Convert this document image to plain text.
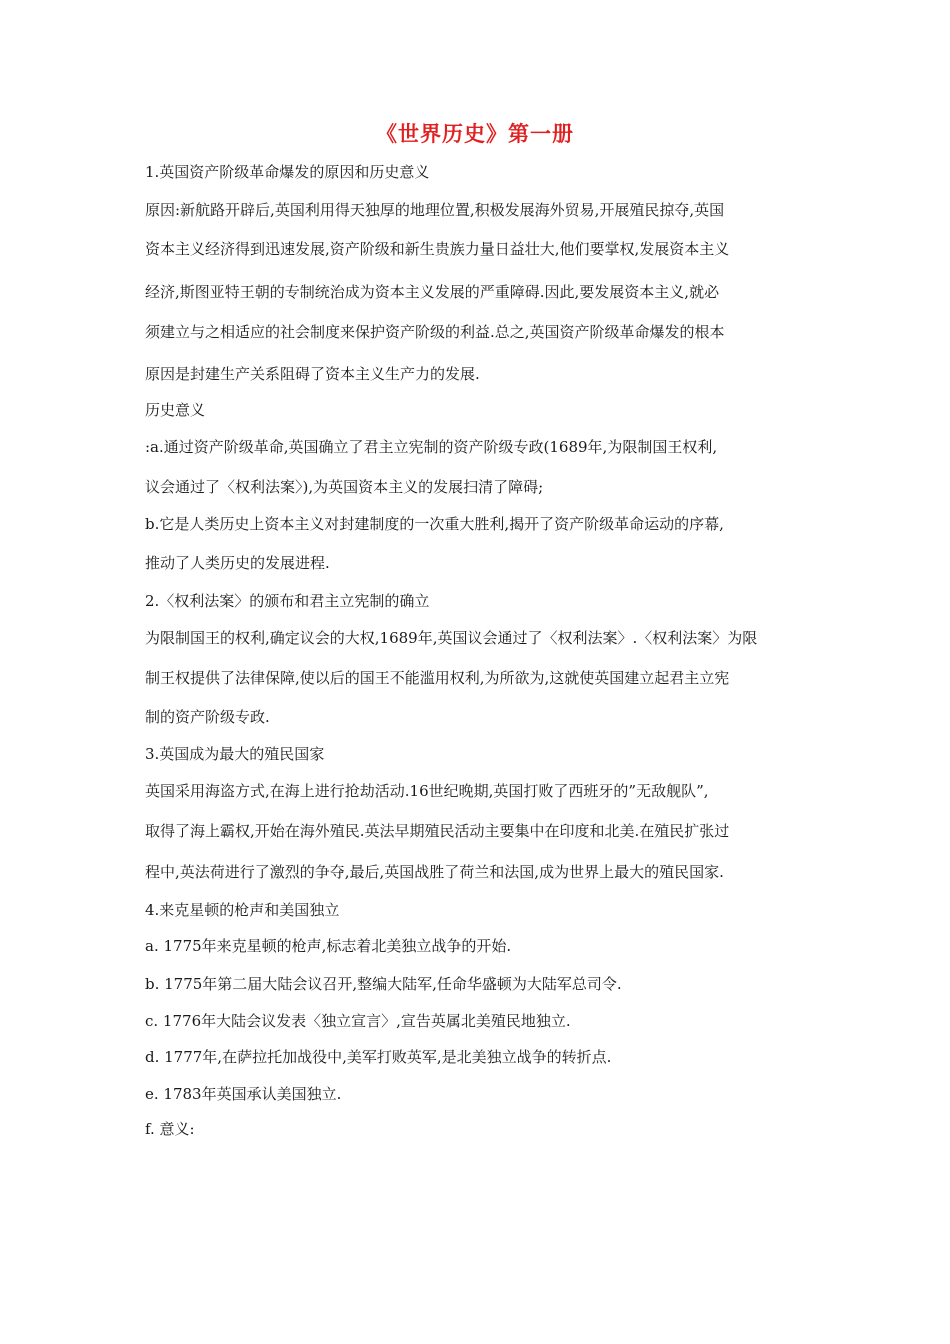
《世界历史》第一册
1.英国资产阶级革命爆发的原因和历史意义
原因:新航路开辟后,英国利用得天独厚的地理位置,积极发展海外贸易,开展殖民掠夺,英国
资本主义经济得到迅速发展,资产阶级和新生贵族力量日益壮大,他们要掌权,发展资本主义
经济,斯图亚特王朝的专制统治成为资本主义发展的严重障碍.因此,要发展资本主义,就必
须建立与之相适应的社会制度来保护资产阶级的利益.总之,英国资产阶级革命爆发的根本
原因是封建生产关系阻碍了资本主义生产力的发展.
历史意义
:a.通过资产阶级革命,英国确立了君主立宪制的资产阶级专政(1689年,为限制国王权利,
议会通过了〈权利法案〉),为英国资本主义的发展扫清了障碍;
b.它是人类历史上资本主义对封建制度的一次重大胜利,揭开了资产阶级革命运动的序幕,
推动了人类历史的发展进程.
2.〈权利法案〉的颁布和君主立宪制的确立
为限制国王的权利,确定议会的大权,1689年,英国议会通过了〈权利法案〉.〈权利法案〉为限
制王权提供了法律保障,使以后的国王不能滥用权利,为所欲为,这就使英国建立起君主立宪
制的资产阶级专政.
3.英国成为最大的殖民国家
英国采用海盗方式,在海上进行抢劫活动.16世纪晚期,英国打败了西班牙的”无敌舰队”,
取得了海上霸权,开始在海外殖民.英法早期殖民活动主要集中在印度和北美.在殖民扩张过
程中,英法荷进行了激烈的争夺,最后,英国战胜了荷兰和法国,成为世界上最大的殖民国家.
4.来克星顿的枪声和美国独立
a. 1775年来克星顿的枪声,标志着北美独立战争的开始.
b. 1775年第二届大陆会议召开,整编大陆军,任命华盛顿为大陆军总司令.
c. 1776年大陆会议发表〈独立宣言〉,宣告英属北美殖民地独立.
d. 1777年,在萨拉托加战役中,美军打败英军,是北美独立战争的转折点.
e. 1783年英国承认美国独立.
f. 意义:
